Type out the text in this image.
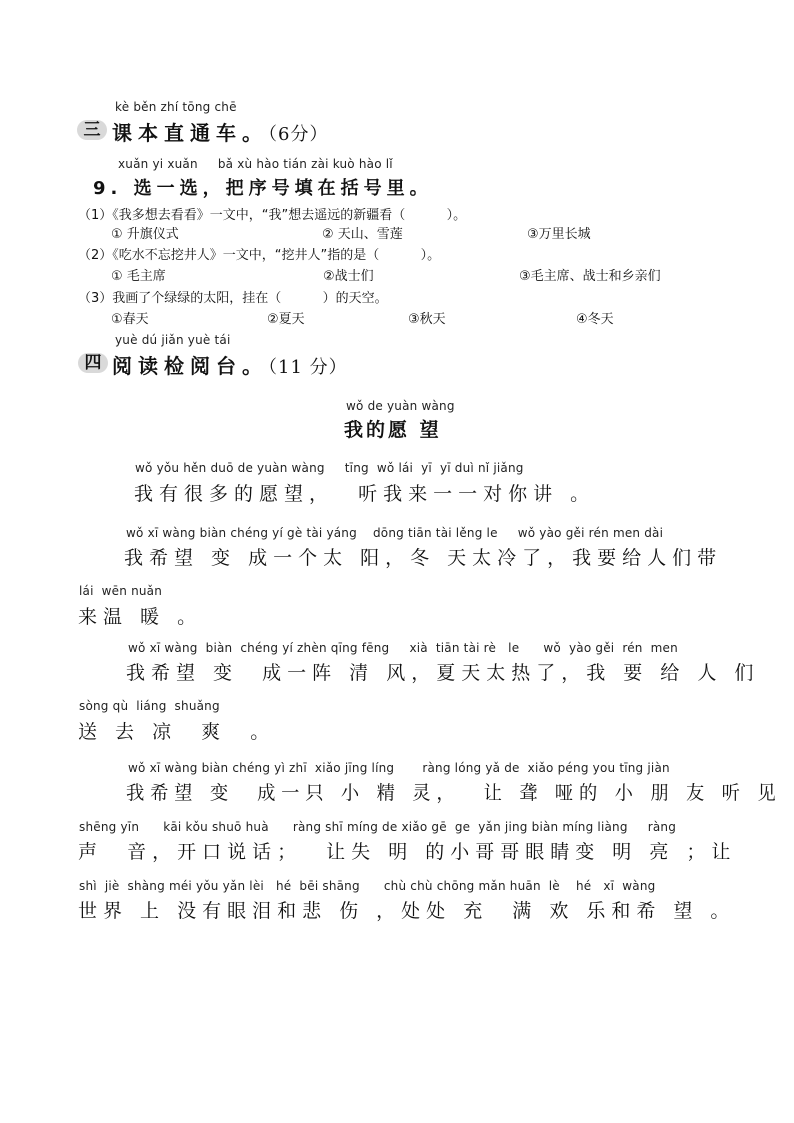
kè běn zhí tōng chē
三 课本直通车。（6分）
xuǎn yi xuǎn     bǎ xù hào tián zài kuò hào lǐ
9. 选一选，把序号填在括号里。
（1）《我多想去看看》一文中，“我”想去遥远的新疆看（          ）。
① 升旗仪式	② 天山、雪莲	③万里长城
（2）《吃水不忘挖井人》一文中，“挖井人”指的是（          ）。
① 毛主席	②战士们	③毛主席、战士和乡亲们
（3）我画了个绿绿的太阳，挂在（          ）的天空。
①春天	②夏天	③秋天	④冬天
yuè dú jiǎn yuè tái
四 阅读检阅台。（11 分）
wǒ de yuàn wàng
我的愿 望
wǒ yǒu hěn duō de yuàn wàng     tīng  wǒ lái  yī  yī duì nǐ jiǎng
我有很多的愿望，  听我来一一对你讲 。
wǒ xī wàng biàn chéng yí gè tài yáng    dōng tiān tài lěng le     wǒ yào gěi rén men dài
我希望 变 成一个太 阳，冬 天太冷了，我要给人们带
lái  wēn nuǎn
来温 暖 。
wǒ xī wàng  biàn  chéng yí zhèn qīng fēng     xià  tiān tài rè   le      wǒ  yào gěi  rén  men
我希望 变  成一阵 清 风，夏天太热了，我 要 给 人 们
sòng qù  liáng  shuǎng
送 去 凉  爽  。
wǒ xī wàng biàn chéng yì zhī  xiǎo jīng líng       ràng lóng yǎ de  xiǎo péng you tīng jiàn
我希望 变  成一只 小 精 灵，  让 聋 哑的 小 朋 友 听 见
shēng yīn      kāi kǒu shuō huà      ràng shī míng de xiǎo gē  ge  yǎn jing biàn míng liàng     ràng
声  音，开口说话；  让失 明 的小哥哥眼睛变 明 亮 ；让
shì  jiè  shàng méi yǒu yǎn lèi   hé  bēi shāng      chù chù chōng mǎn huān  lè    hé   xī  wàng
世界 上 没有眼泪和悲 伤 ，处处 充  满 欢 乐和希 望 。
